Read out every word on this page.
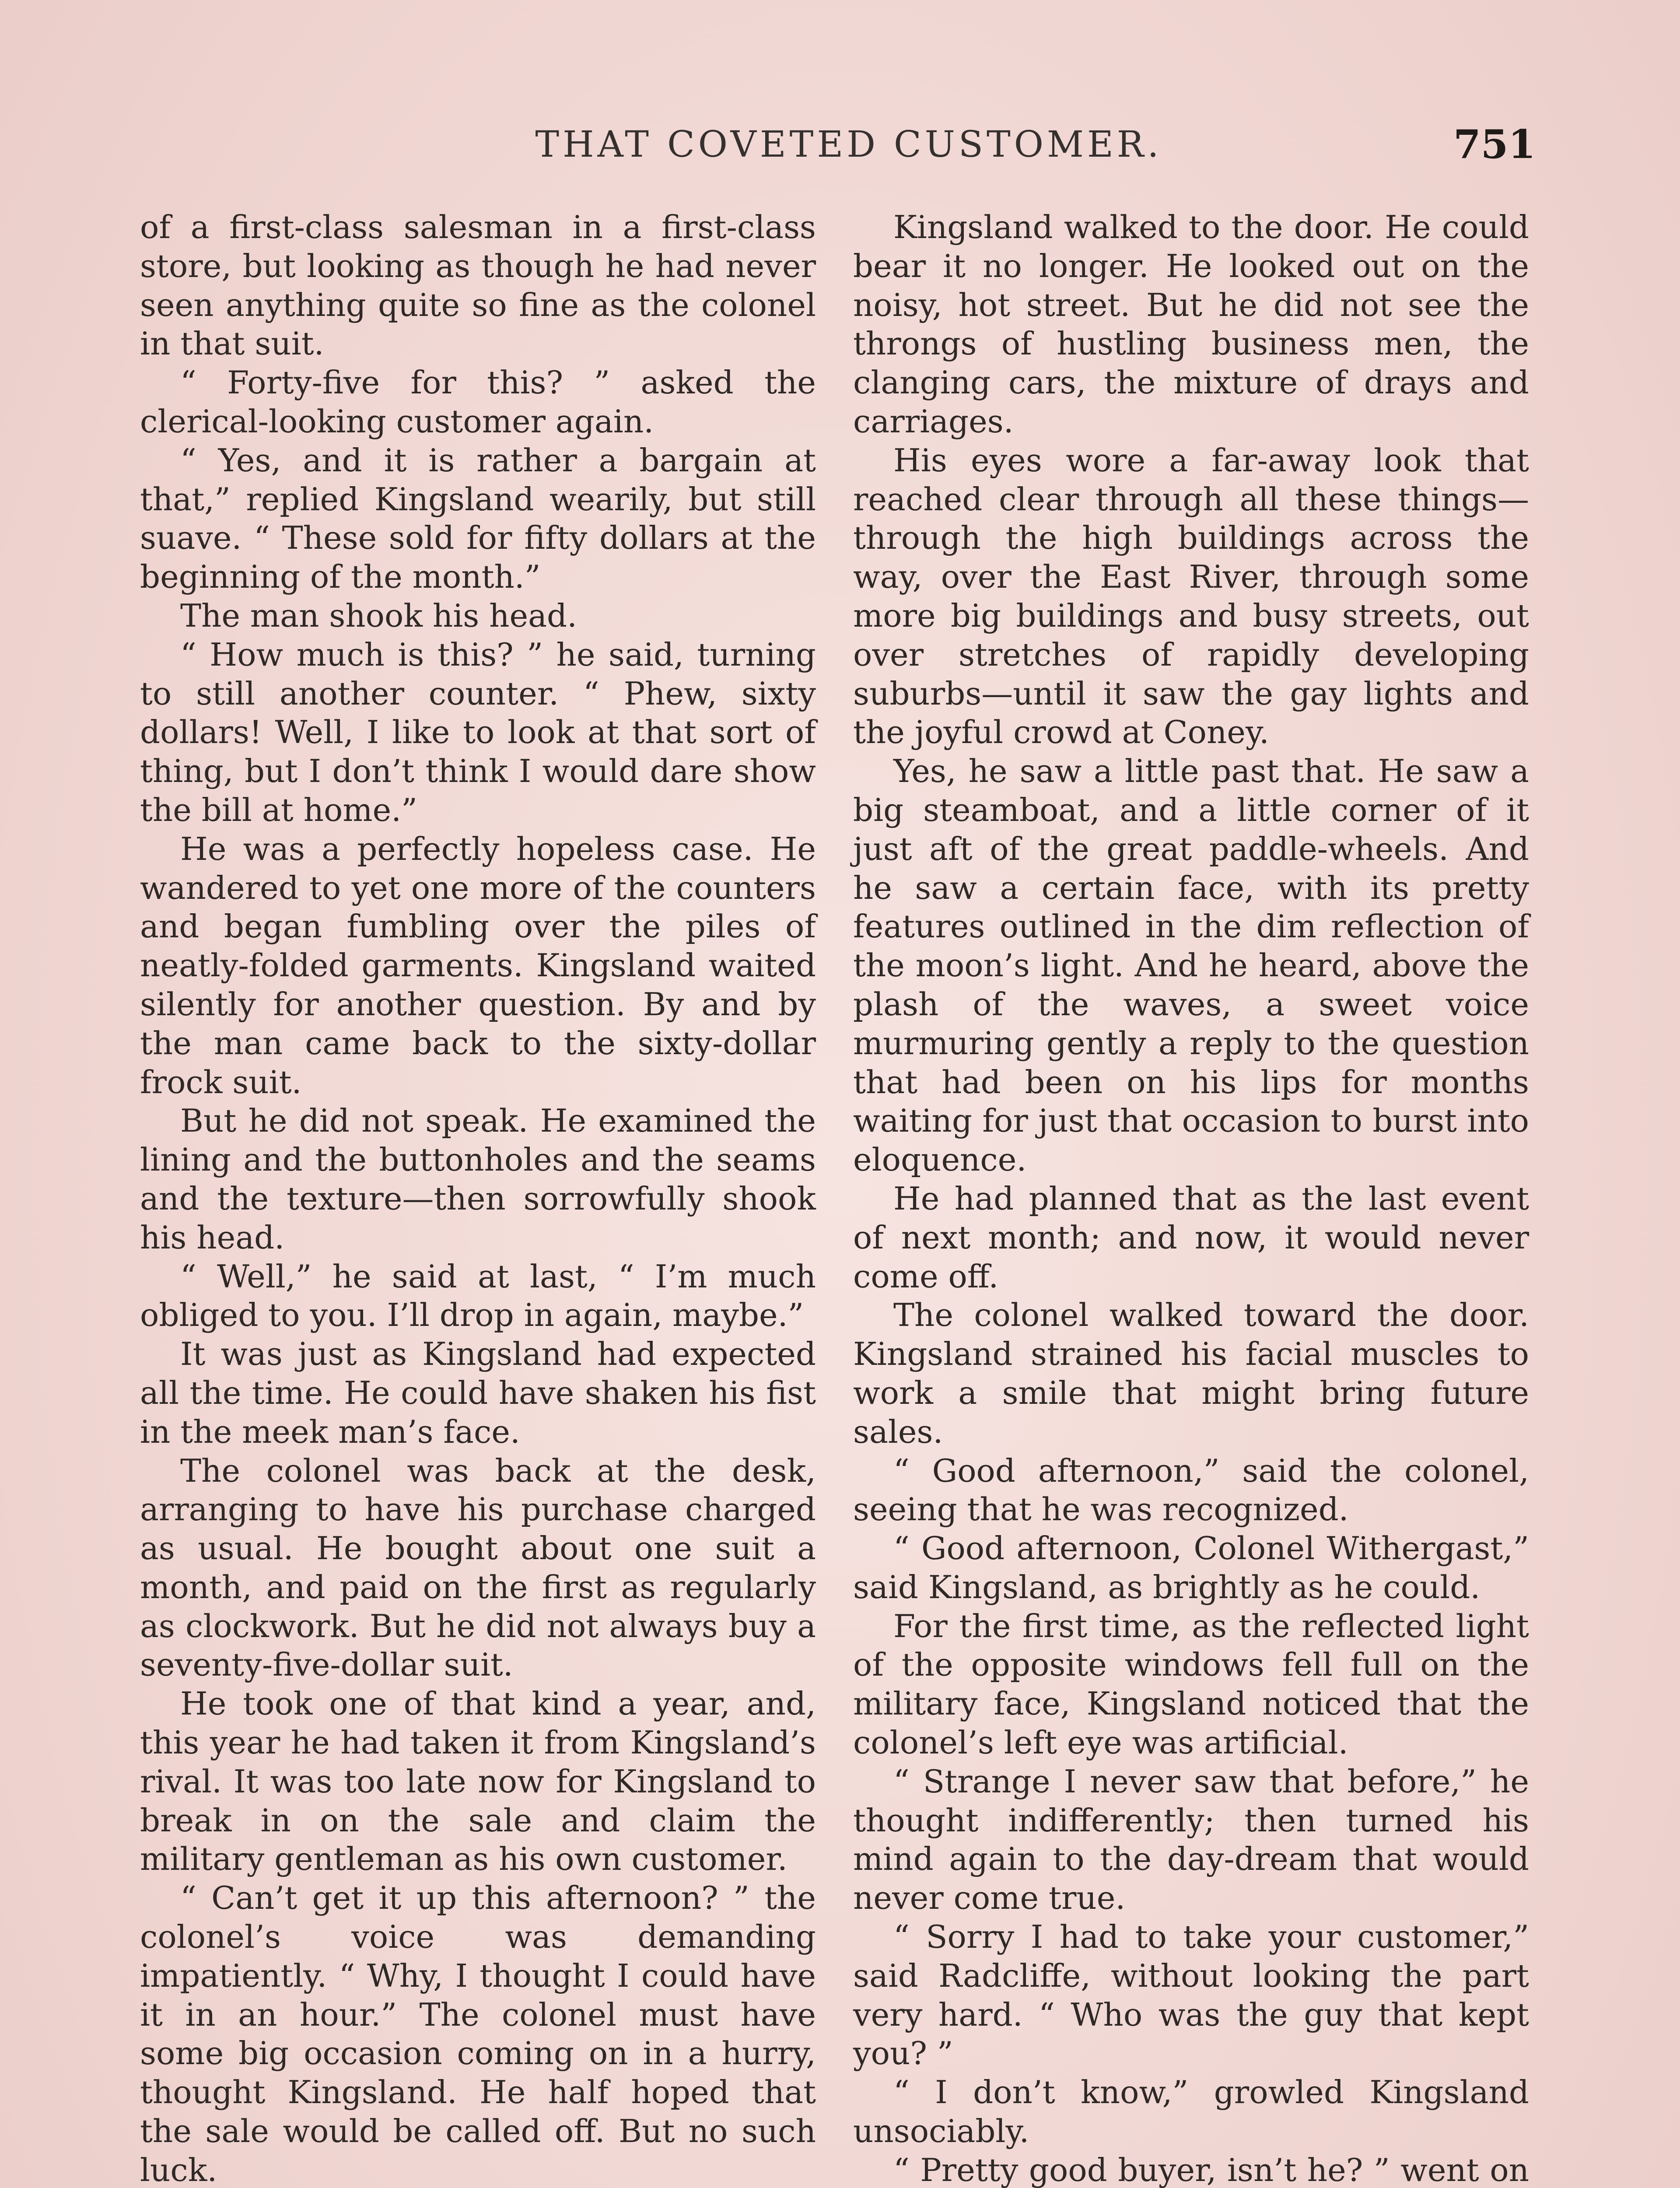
THAT COVETED CUSTOMER.	751

of a first-class salesman in a first-class store, but looking as though he had never seen anything quite so fine as the colonel in that suit.

“ Forty-five for this? ” asked the clerical-looking customer again.

“ Yes, and it is rather a bargain at that,” replied Kingsland wearily, but still suave. “ These sold for fifty dollars at the beginning of the month.”

The man shook his head.

“ How much is this? ” he said, turning to still another counter. “ Phew, sixty dollars! Well, I like to look at that sort of thing, but I don’t think I would dare show the bill at home.”

He was a perfectly hopeless case. He wandered to yet one more of the counters and began fumbling over the piles of neatly-folded garments. Kingsland waited silently for another question. By and by the man came back to the sixty-dollar frock suit.

But he did not speak. He examined the lining and the buttonholes and the seams and the texture—then sorrowfully shook his head.

“ Well,” he said at last, “ I’m much obliged to you. I’ll drop in again, maybe.”

It was just as Kingsland had expected all the time. He could have shaken his fist in the meek man’s face.

The colonel was back at the desk, arranging to have his purchase charged as usual. He bought about one suit a month, and paid on the first as regularly as clockwork. But he did not always buy a seventy-five-dollar suit.

He took one of that kind a year, and, this year he had taken it from Kingsland’s rival. It was too late now for Kingsland to break in on the sale and claim the military gentleman as his own customer.

“ Can’t get it up this afternoon? ” the colonel’s voice was demanding impatiently. “ Why, I thought I could have it in an hour.” The colonel must have some big occasion coming on in a hurry, thought Kingsland. He half hoped that the sale would be called off. But no such luck.

Kingsland walked to the door. He could bear it no longer. He looked out on the noisy, hot street. But he did not see the throngs of hustling business men, the clanging cars, the mixture of drays and carriages.

His eyes wore a far-away look that reached clear through all these things—through the high buildings across the way, over the East River, through some more big buildings and busy streets, out over stretches of rapidly developing suburbs—until it saw the gay lights and the joyful crowd at Coney.

Yes, he saw a little past that. He saw a big steamboat, and a little corner of it just aft of the great paddle-wheels. And he saw a certain face, with its pretty features outlined in the dim reflection of the moon’s light. And he heard, above the plash of the waves, a sweet voice murmuring gently a reply to the question that had been on his lips for months waiting for just that occasion to burst into eloquence.

He had planned that as the last event of next month; and now, it would never come off.

The colonel walked toward the door. Kingsland strained his facial muscles to work a smile that might bring future sales.

“ Good afternoon,” said the colonel, seeing that he was recognized.

“ Good afternoon, Colonel Withergast,” said Kingsland, as brightly as he could.

For the first time, as the reflected light of the opposite windows fell full on the military face, Kingsland noticed that the colonel’s left eye was artificial.

“ Strange I never saw that before,” he thought indifferently; then turned his mind again to the day-dream that would never come true.

“ Sorry I had to take your customer,” said Radcliffe, without looking the part very hard. “ Who was the guy that kept you? ”

“ I don’t know,” growled Kingsland unsociably.

“ Pretty good buyer, isn’t he? ” went on
